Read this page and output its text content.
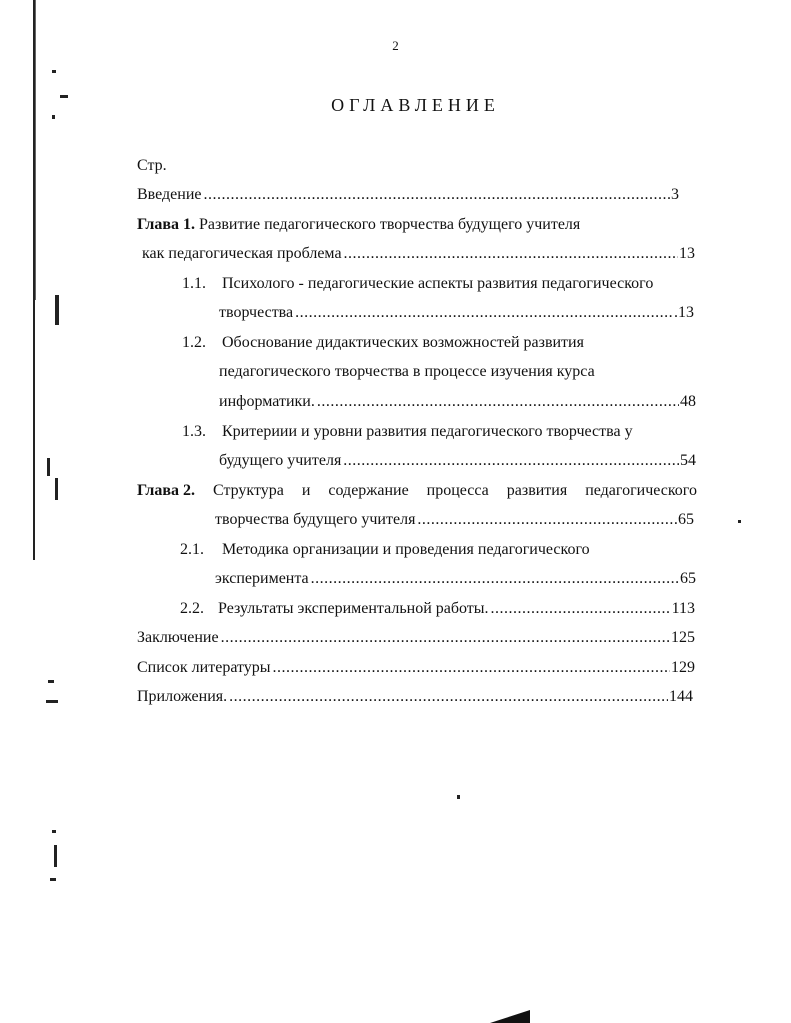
2
ОГЛАВЛЕНИЕ
Стр.
Введение .....	3
Глава 1. Развитие педагогического творчества будущего учителя
как педагогическая проблема .....	13
1.1. Психолого - педагогические аспекты развития педагогического
творчества .....	.13
1.2. Обоснование дидактических возможностей развития
педагогического творчества в процессе изучения курса
информатики. .....	48
1.3. Критериии и уровни развития педагогического творчества у
будущего учителя .....	54
Глава 2. Структура и содержание процесса развития педагогического
творчества будущего учителя .....	65
2.1. Методика организации и проведения педагогического
эксперимента .....	65
2.2. Результаты экспериментальной работы. .....	113
Заключение .....	125
Список литературы .....	129
Приложения. .....	144
